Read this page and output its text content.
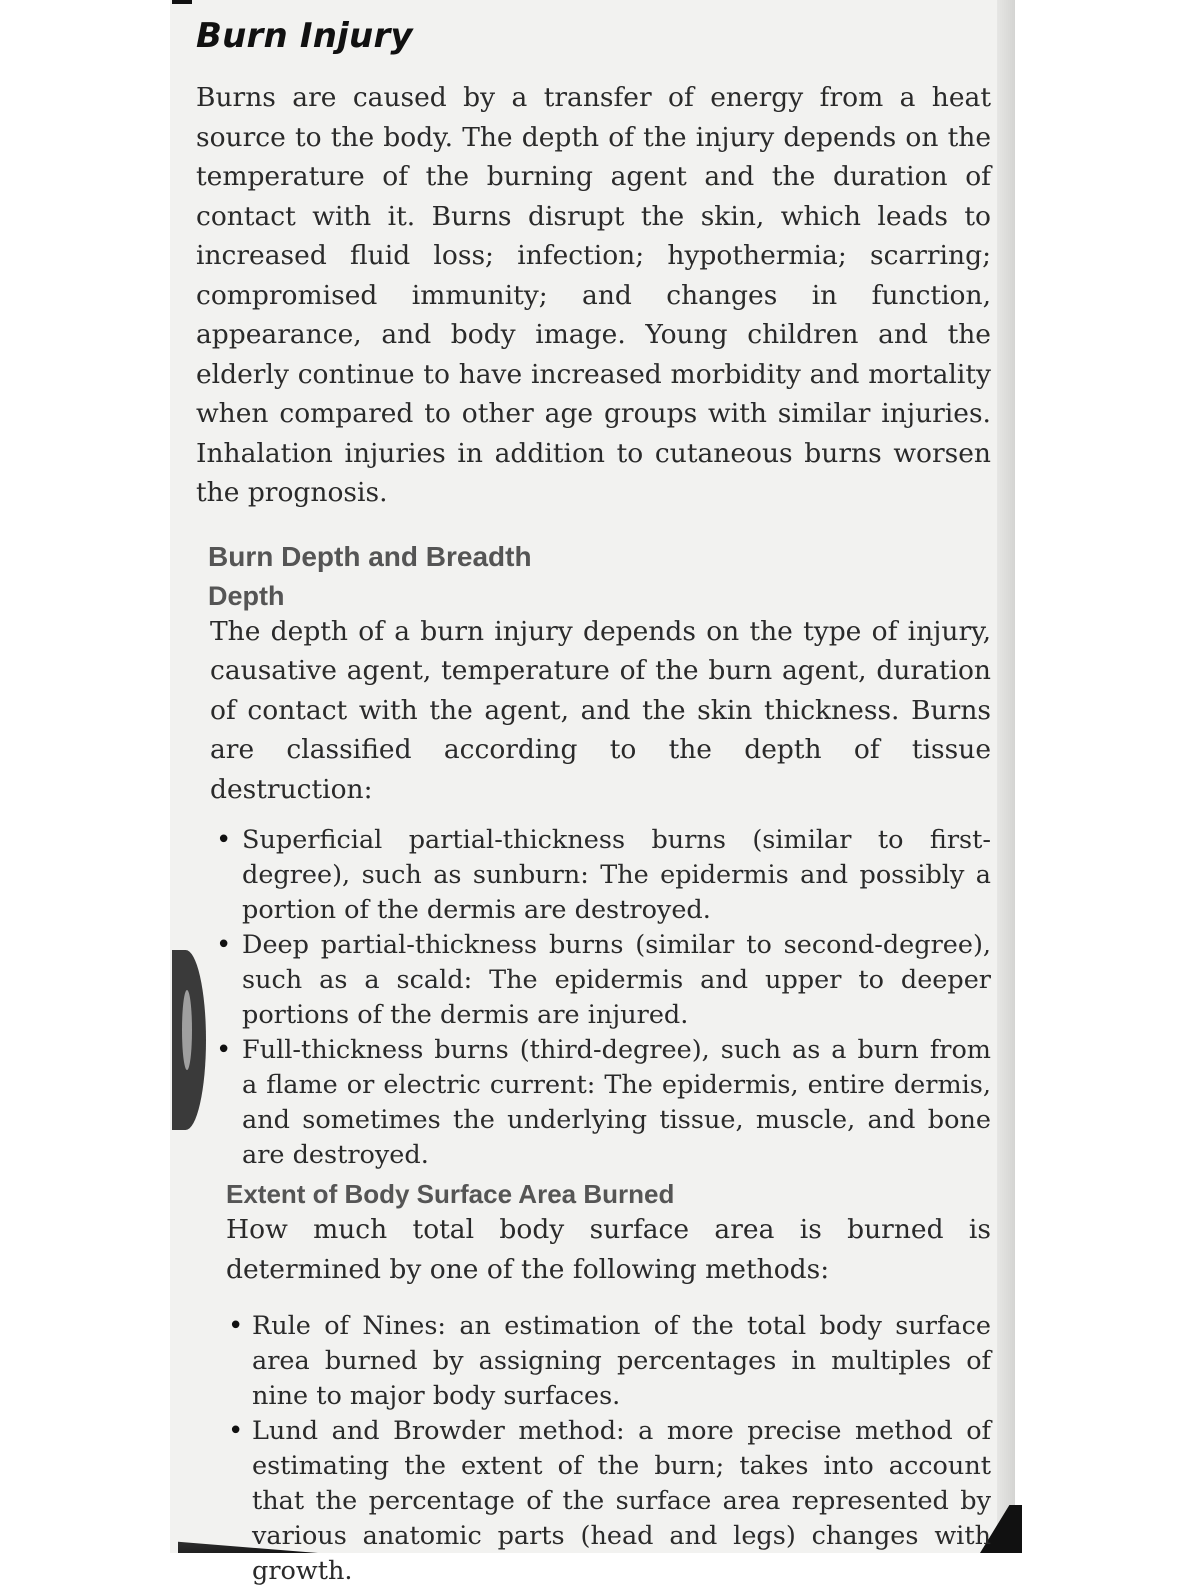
Burn Injury

Burns are caused by a transfer of energy from a heat source to the body. The depth of the injury depends on the temperature of the burning agent and the duration of contact with it. Burns disrupt the skin, which leads to increased fluid loss; infection; hypothermia; scarring; compromised immunity; and changes in function, appearance, and body image. Young children and the elderly continue to have increased morbidity and mortality when compared to other age groups with similar injuries. Inhalation injuries in addition to cutaneous burns worsen the prognosis.

Burn Depth and Breadth
Depth

The depth of a burn injury depends on the type of injury, causative agent, temperature of the burn agent, duration of contact with the agent, and the skin thickness. Burns are classified according to the depth of tissue destruction:

• Superficial partial-thickness burns (similar to first-degree), such as sunburn: The epidermis and possibly a portion of the dermis are destroyed.
• Deep partial-thickness burns (similar to second-degree), such as a scald: The epidermis and upper to deeper portions of the dermis are injured.
• Full-thickness burns (third-degree), such as a burn from a flame or electric current: The epidermis, entire dermis, and sometimes the underlying tissue, muscle, and bone are destroyed.
Extent of Body Surface Area Burned

How much total body surface area is burned is determined by one of the following methods:

• Rule of Nines: an estimation of the total body surface area burned by assigning percentages in multiples of nine to major body surfaces.
• Lund and Browder method: a more precise method of estimating the extent of the burn; takes into account that the percentage of the surface area represented by various anatomic parts (head and legs) changes with growth.
